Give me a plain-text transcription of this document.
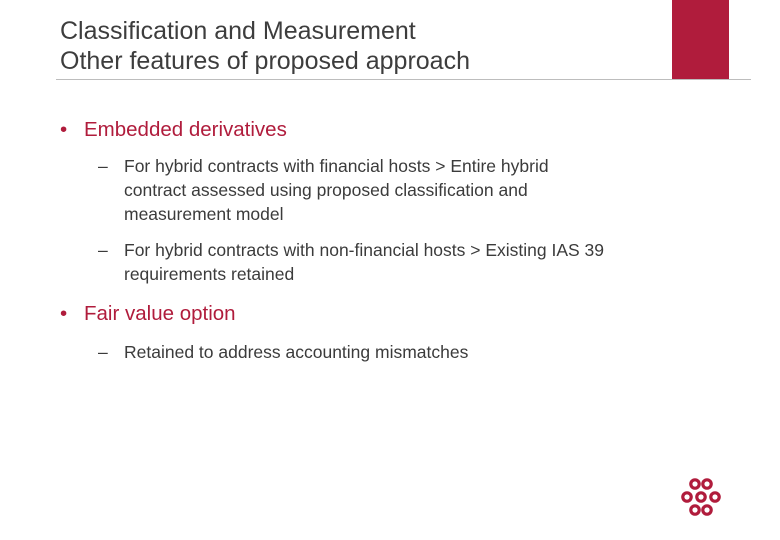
Classification and Measurement
Other features of proposed approach
• Embedded derivatives
– For hybrid contracts with financial hosts > Entire hybrid
contract assessed using proposed classification and
measurement model
– For hybrid contracts with non-financial hosts > Existing IAS 39
requirements retained
• Fair value option
– Retained to address accounting mismatches
